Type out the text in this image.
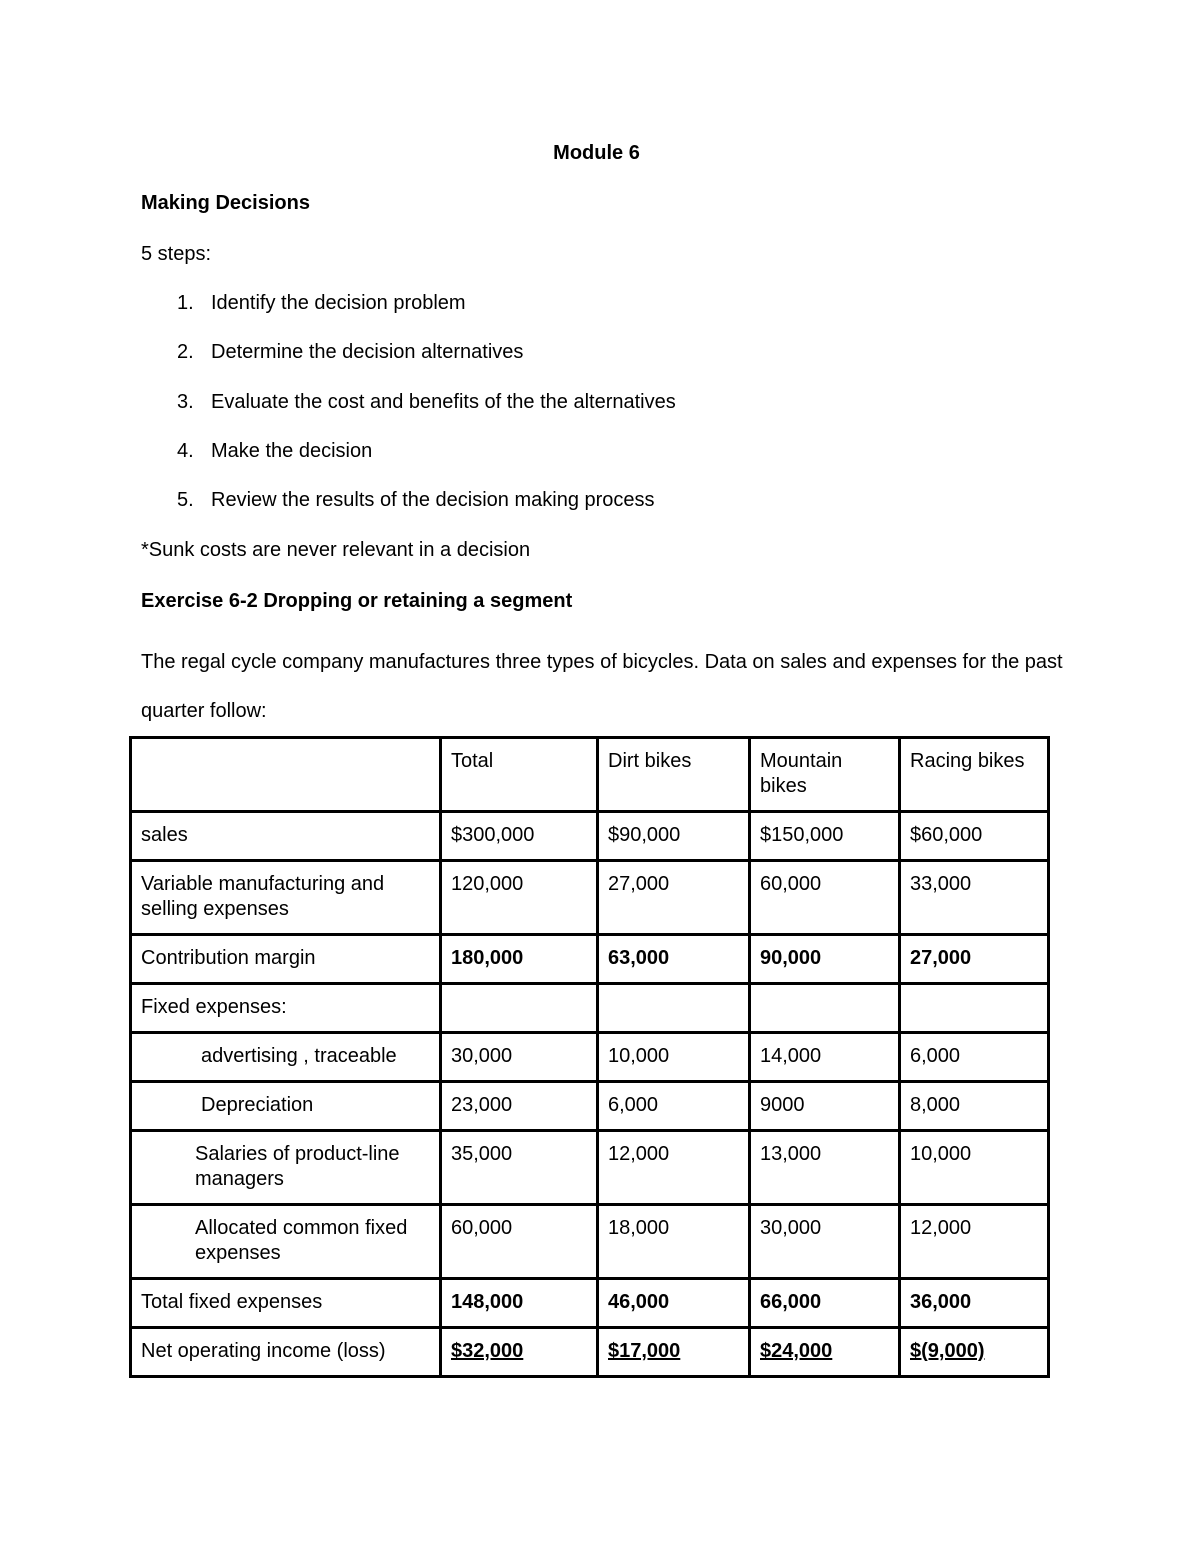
Module 6
Making Decisions
5 steps:
1. Identify the decision problem
2. Determine the decision alternatives
3. Evaluate the cost and benefits of the the alternatives
4. Make the decision
5. Review the results of the decision making process
*Sunk costs are never relevant in a decision
Exercise 6-2 Dropping or retaining a segment
The regal cycle company manufactures three types of bicycles. Data on sales and expenses for the past quarter follow:
	Total	Dirt bikes	Mountain bikes	Racing bikes
sales	$300,000	$90,000	$150,000	$60,000
Variable manufacturing and selling expenses	120,000	27,000	60,000	33,000
Contribution margin	180,000	63,000	90,000	27,000
Fixed expenses:				
advertising , traceable	30,000	10,000	14,000	6,000
Depreciation	23,000	6,000	9000	8,000
Salaries of product-line managers	35,000	12,000	13,000	10,000
Allocated common fixed expenses	60,000	18,000	30,000	12,000
Total fixed expenses	148,000	46,000	66,000	36,000
Net operating income (loss)	$32,000	$17,000	$24,000	$(9,000)
